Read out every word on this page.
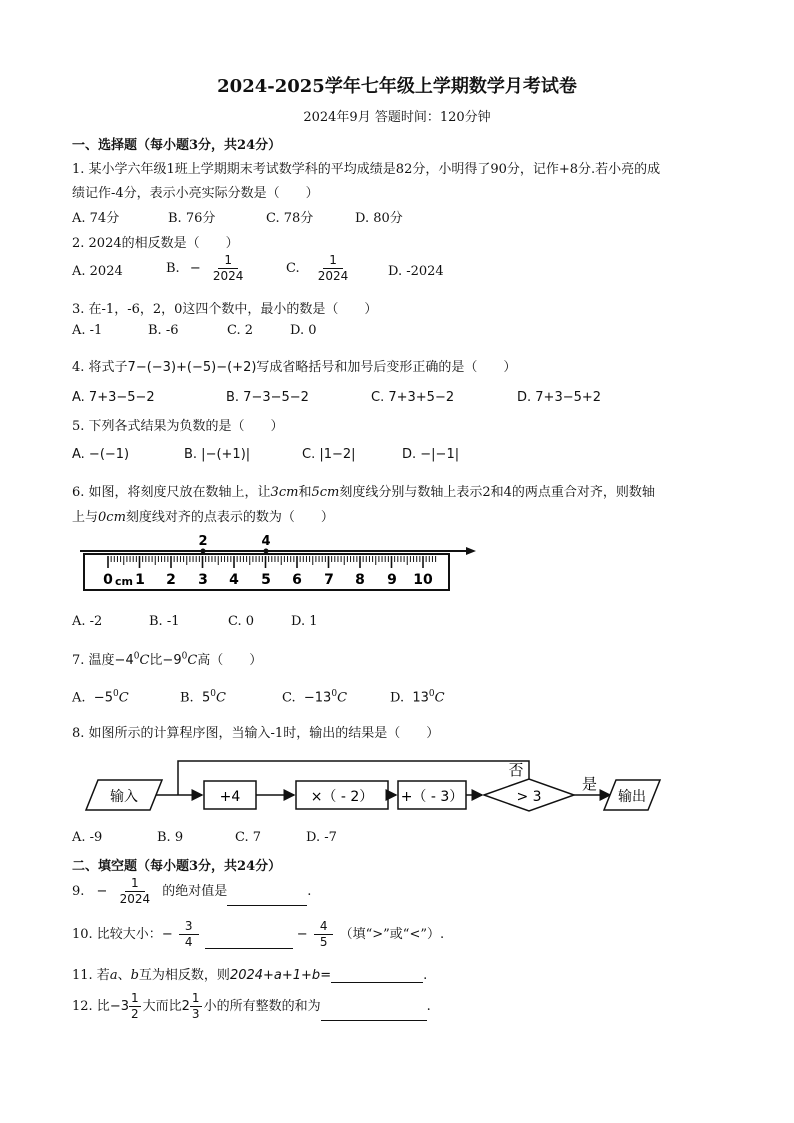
2024-2025学年七年级上学期数学月考试卷
2024年9月 答题时间：120分钟
一、选择题（每小题3分，共24分）
1. 某小学六年级1班上学期期末考试数学科的平均成绩是82分，小明得了90分，记作+8分.若小亮的成
绩记作-4分，表示小亮实际分数是（　　）
A. 74分	B. 76分	C. 78分	D. 80分
2. 2024的相反数是（　　）
A. 2024	B. − $\frac{1}{2024}$	C. $\frac{1}{2024}$	D. -2024
3. 在-1，-6，2，0这四个数中，最小的数是（　　）
A. -1	B. -6	C. 2	D. 0
4. 将式子7−(−3)+(−5)−(+2)写成省略括号和加号后变形正确的是（　　）
A. 7+3−5−2	B. 7−3−5−2	C. 7+3+5−2	D. 7+3−5+2
5. 下列各式结果为负数的是（　　）
A. −(−1)	B. |−(+1)|	C. |1−2|	D. −|−1|
6. 如图，将刻度尺放在数轴上，让3cm和5cm刻度线分别与数轴上表示2和4的两点重合对齐，则数轴
上与0cm刻度线对齐的点表示的数为（　　）
2	4
0 cm 1 2 3 4 5 6 7 8 9 10
A. -2	B. -1	C. 0	D. 1
7. 温度$-4^0C$比$-9^0C$高（　　）
A. $-5^0C$	B. $5^0C$	C. $-13^0C$	D. $13^0C$
8. 如图所示的计算程序图，当输入-1时，输出的结果是（　　）
输入	+4	×（ - 2） +（ - 3）	> 3
否
是
输出
A. -9	B. 9	C. 7	D. -7
二、填空题（每小题3分，共24分）
9. − $\frac{1}{2024}$ 的绝对值是	.
10. 比较大小：− $\frac{3}{4}$	− $\frac{4}{5}$ （填“>”或“<”）.
11. 若a、b互为相反数，则2024+a+1+b=	.
12. 比$-3 \frac{1}{2}$ 大而比$2 \frac{1}{3}$ 小的所有整数的和为	.
